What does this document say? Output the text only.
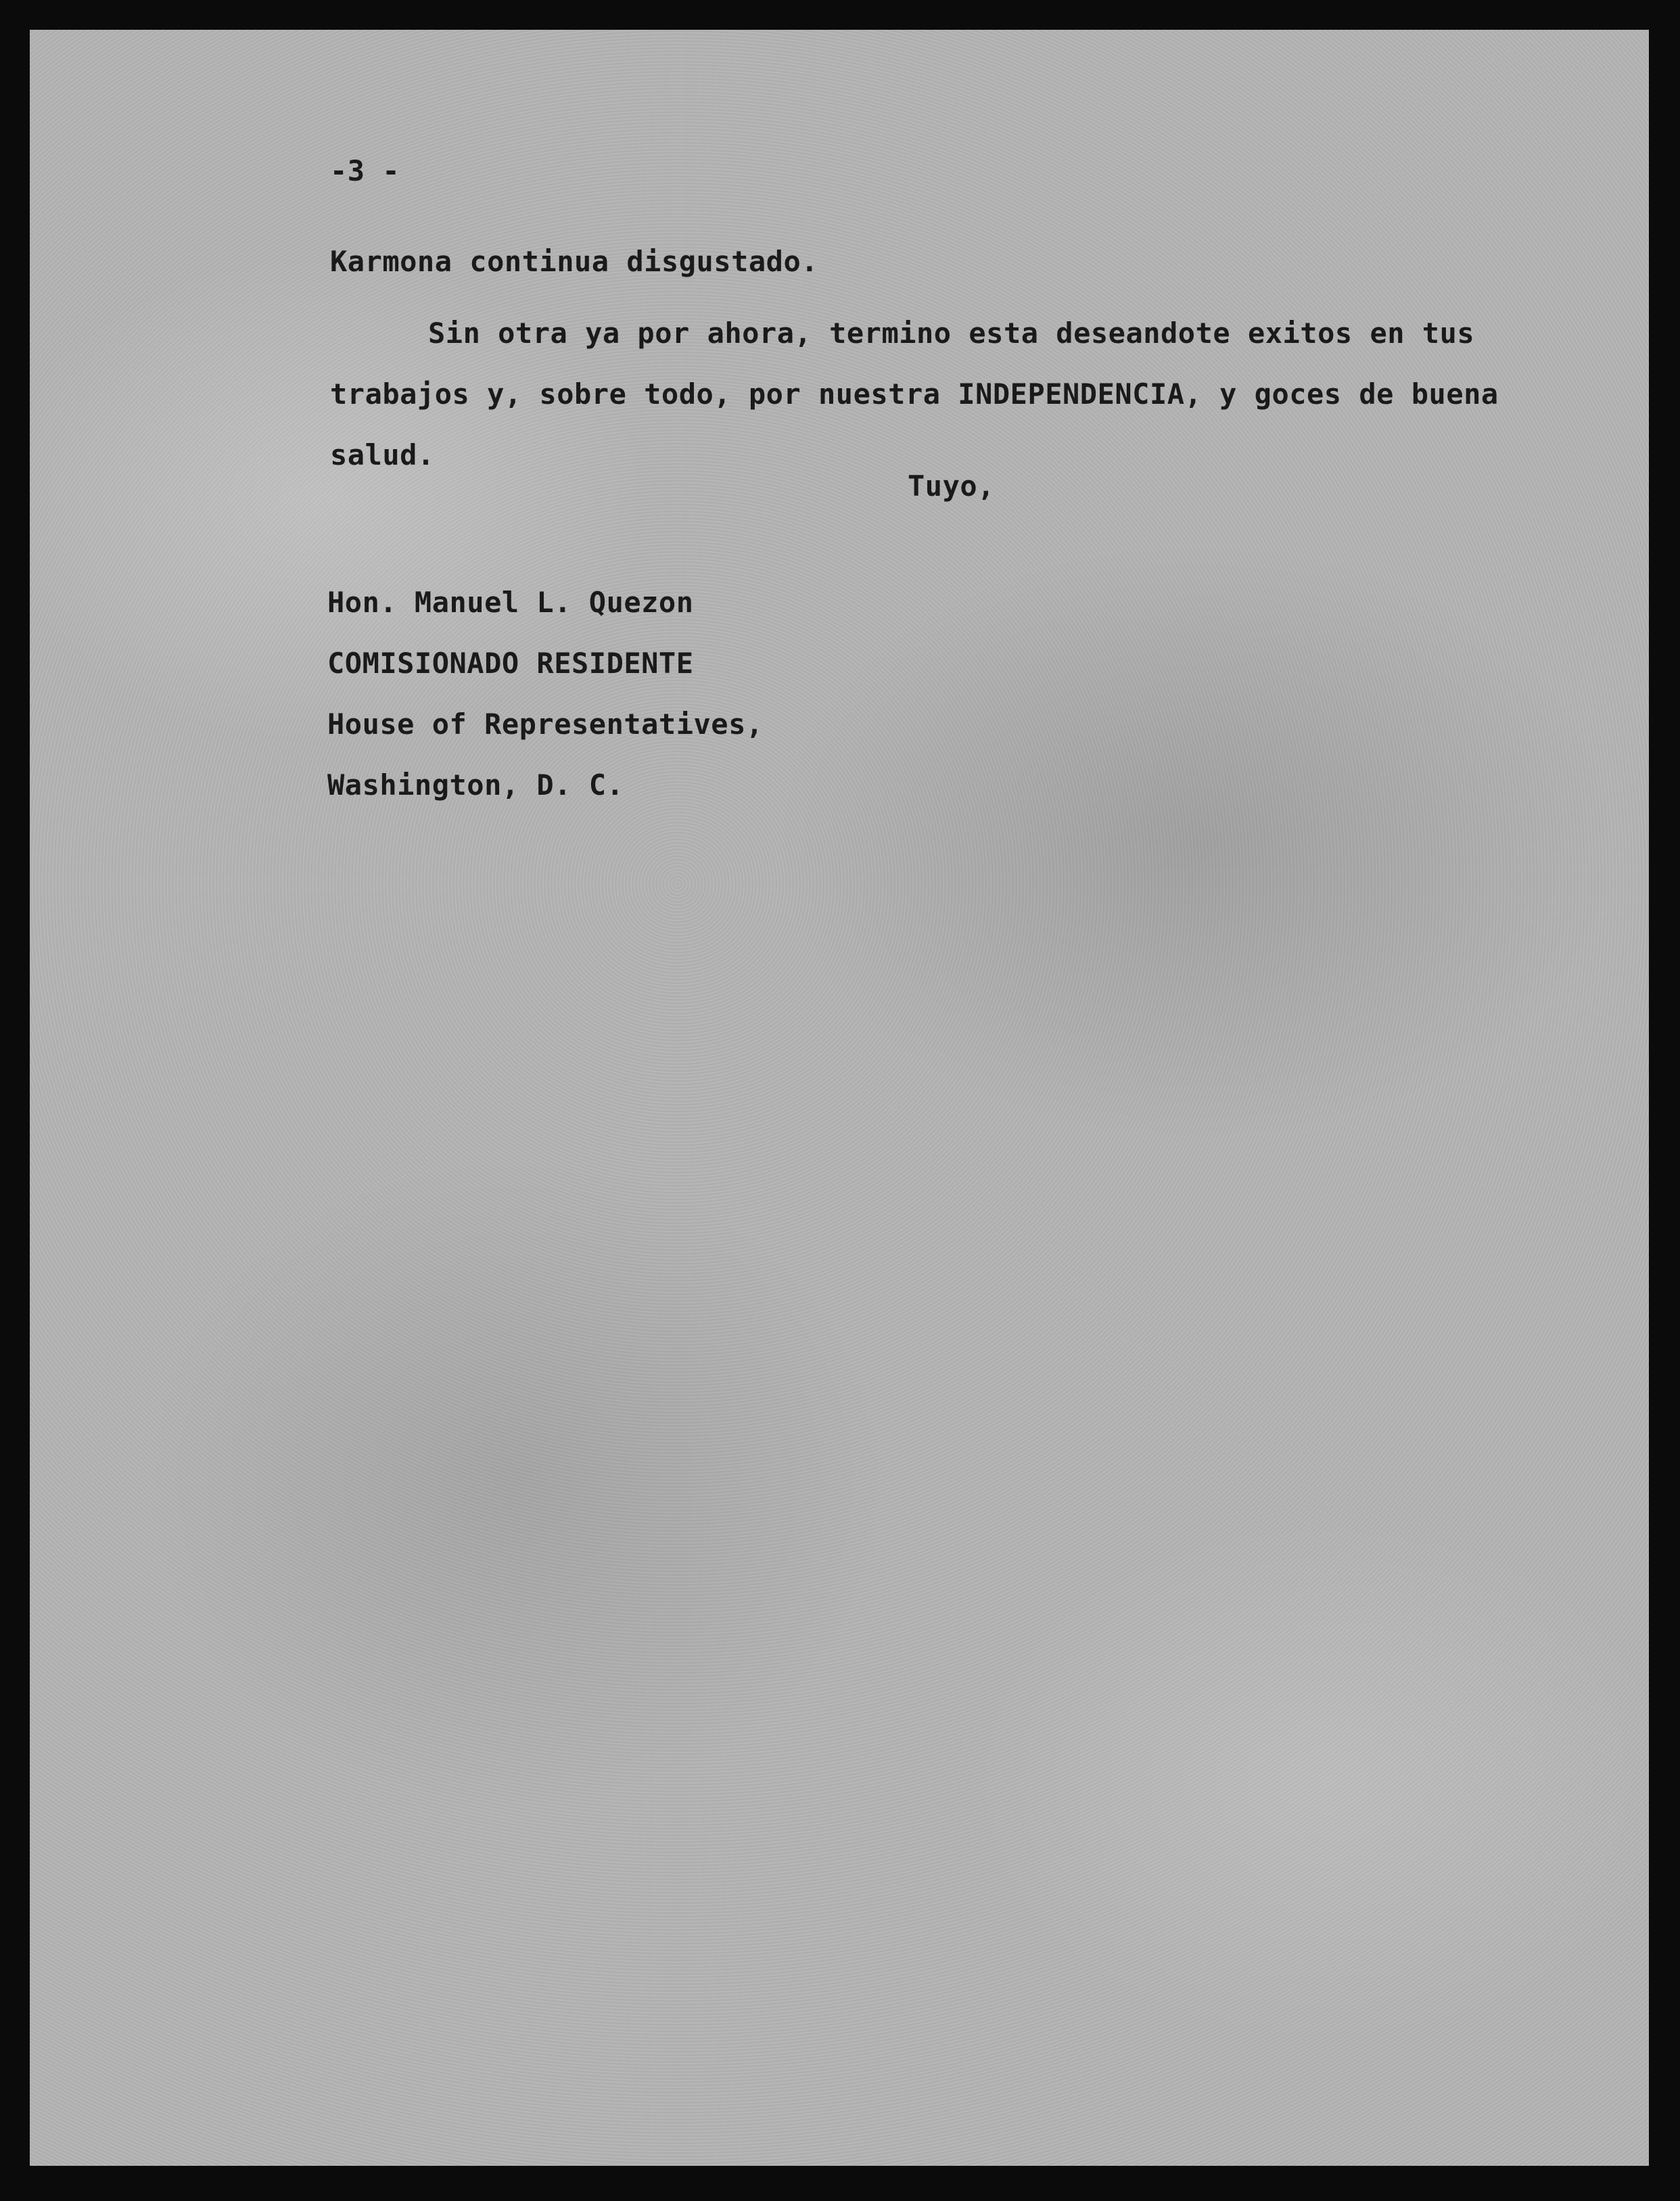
-3 -
Karmona continua disgustado.
Sin otra ya por ahora, termino esta deseandote exitos en tus
trabajos y, sobre todo, por nuestra INDEPENDENCIA, y goces de buena
salud.
Tuyo,
Hon. Manuel L. Quezon
COMISIONADO RESIDENTE
House of Representatives,
Washington, D. C.
